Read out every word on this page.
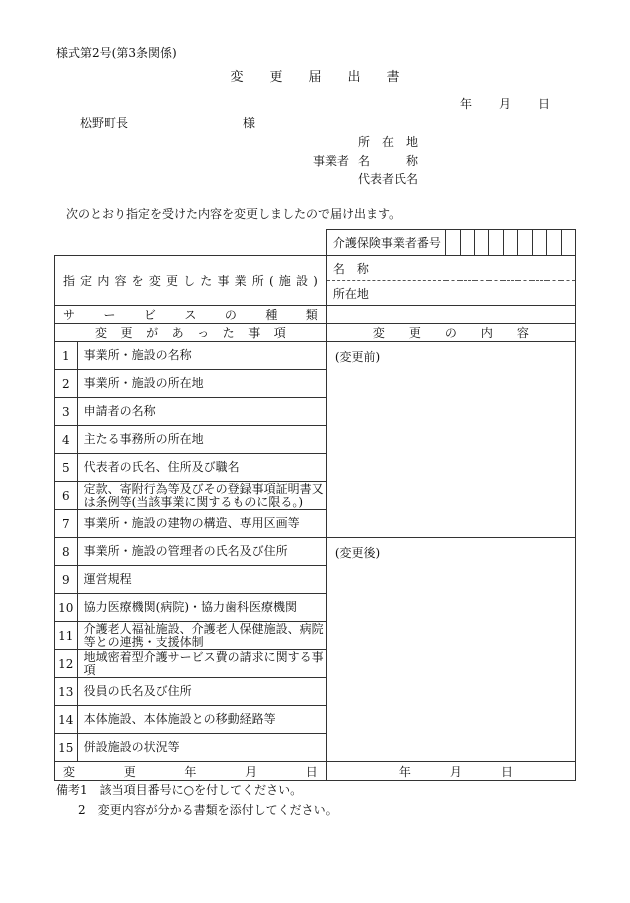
様式第2号(第3条関係)
変　　更　　届　　出　　書
年 月 日
松野町長	様
事業者
所　在　地
名　　　称
代表者氏名
次のとおり指定を受けた内容を変更しましたので届け出ます。
		介護保険事業者番号									
指定内容を変更した事業所(施設)		名　称									
		所在地									
サービスの種類											
変更があった事項		変　　更　　の　　内　　容									
1	事業所・施設の名称	(変更前)									
2	事業所・施設の所在地										
3	申請者の名称										
4	主たる事務所の所在地										
5	代表者の氏名、住所及び職名										
6	定款、寄附行為等及びその登録事項証明書又は条例等(当該事業に関するものに限る。)										
7	事業所・施設の建物の構造、専用区画等										
8	事業所・施設の管理者の氏名及び住所	(変更後)									
9	運営規程										
10	協力医療機関(病院)・協力歯科医療機関										
11	介護老人福祉施設、介護老人保健施設、病院等との連携・支援体制										
12	地域密着型介護サービス費の請求に関する事項										
13	役員の氏名及び住所										
14	本体施設、本体施設との移動経路等										
15	併設施設の状況等										
変更年月日		年 月 日									
備考1　該当項目番号に○を付してください。
2　変更内容が分かる書類を添付してください。
